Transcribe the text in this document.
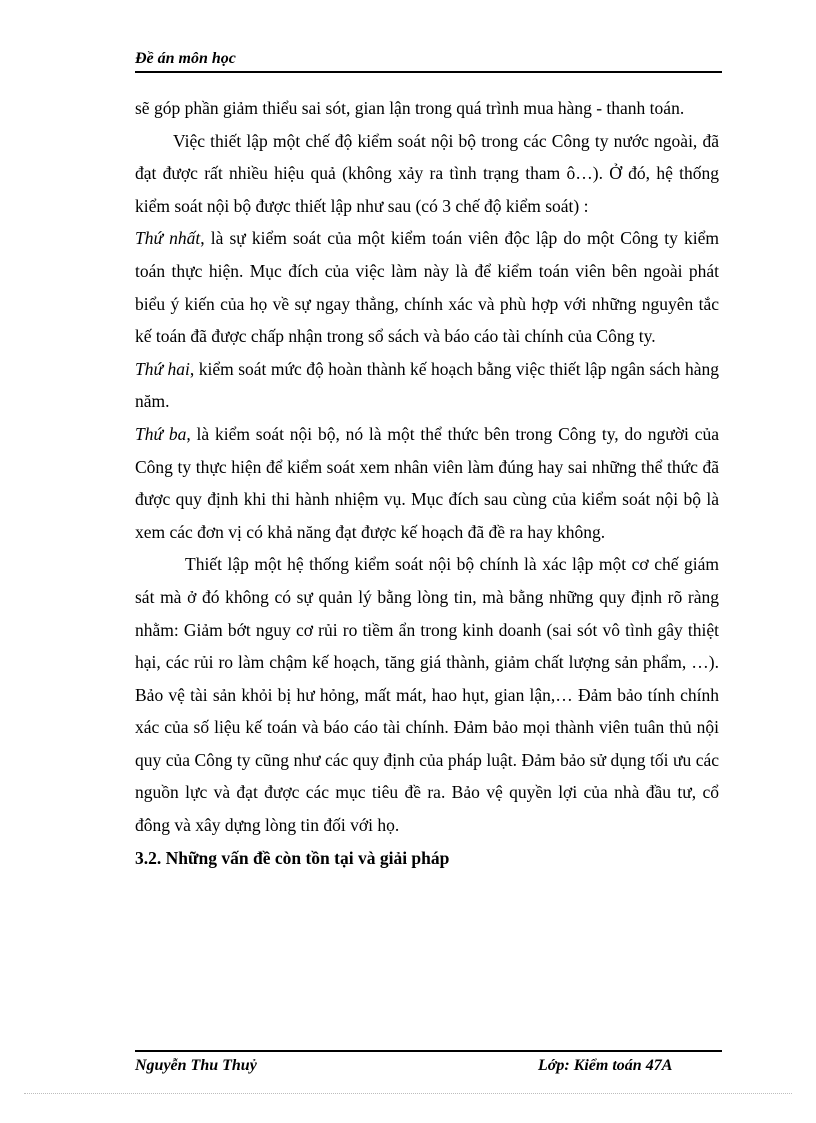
Đề án môn học

sẽ góp phần giảm thiểu sai sót, gian lận trong quá trình mua hàng - thanh toán.

Việc thiết lập một chế độ kiểm soát nội bộ trong các Công ty nước ngoài, đã đạt được rất nhiều hiệu quả (không xảy ra tình trạng tham ô…). Ở đó, hệ thống kiểm soát nội bộ được thiết lập như sau (có 3 chế độ kiểm soát) :

Thứ nhất, là sự kiểm soát của một kiểm toán viên độc lập do một Công ty kiểm toán thực hiện. Mục đích của việc làm này là để kiểm toán viên bên ngoài phát biểu ý kiến của họ về sự ngay thẳng, chính xác và phù hợp với những nguyên tắc kế toán đã được chấp nhận trong sổ sách và báo cáo tài chính của Công ty.

Thứ hai, kiểm soát mức độ hoàn thành kế hoạch bằng việc thiết lập ngân sách hàng năm.

Thứ ba, là kiểm soát nội bộ, nó là một thể thức bên trong Công ty, do người của Công ty thực hiện để kiểm soát xem nhân viên làm đúng hay sai những thể thức đã được quy định khi thi hành nhiệm vụ. Mục đích sau cùng của kiểm soát nội bộ là xem các đơn vị có khả năng đạt được kế hoạch đã đề ra hay không.

Thiết lập một hệ thống kiểm soát nội bộ chính là xác lập một cơ chế giám sát mà ở đó không có sự quản lý bằng lòng tin, mà bằng những quy định rõ ràng nhằm: Giảm bớt nguy cơ rủi ro tiềm ẩn trong kinh doanh (sai sót vô tình gây thiệt hại, các rủi ro làm chậm kế hoạch, tăng giá thành, giảm chất lượng sản phẩm, …). Bảo vệ tài sản khỏi bị hư hỏng, mất mát, hao hụt, gian lận,… Đảm bảo tính chính xác của số liệu kế toán và báo cáo tài chính. Đảm bảo mọi thành viên tuân thủ nội quy của Công ty cũng như các quy định của pháp luật. Đảm bảo sử dụng tối ưu các nguồn lực và đạt được các mục tiêu đề ra. Bảo vệ quyền lợi của nhà đầu tư, cổ đông và xây dựng lòng tin đối với họ.

3.2. Những vấn đề còn tồn tại và giải pháp

Nguyễn Thu Thuỷ	Lớp: Kiểm toán 47A
